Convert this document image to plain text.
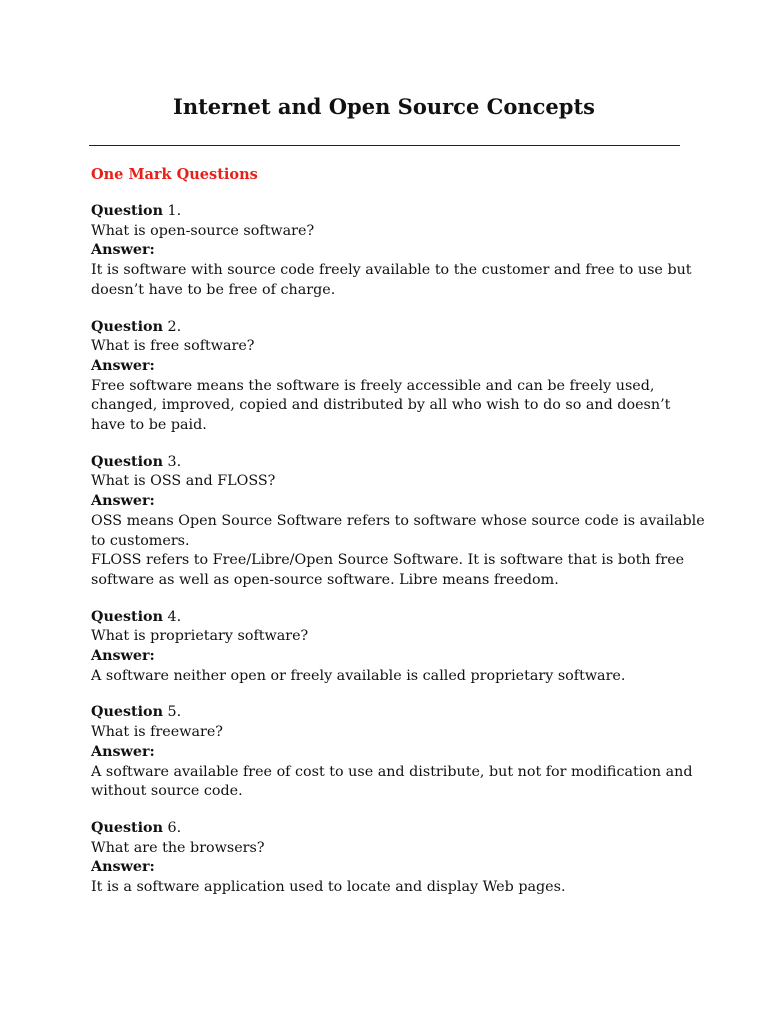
Internet and Open Source Concepts
One Mark Questions
Question 1.
What is open-source software?
Answer:
It is software with source code freely available to the customer and free to use but
doesn’t have to be free of charge.
Question 2.
What is free software?
Answer:
Free software means the software is freely accessible and can be freely used,
changed, improved, copied and distributed by all who wish to do so and doesn’t
have to be paid.
Question 3.
What is OSS and FLOSS?
Answer:
OSS means Open Source Software refers to software whose source code is available
to customers.
FLOSS refers to Free/Libre/Open Source Software. It is software that is both free
software as well as open-source software. Libre means freedom.
Question 4.
What is proprietary software?
Answer:
A software neither open or freely available is called proprietary software.
Question 5.
What is freeware?
Answer:
A software available free of cost to use and distribute, but not for modification and
without source code.
Question 6.
What are the browsers?
Answer:
It is a software application used to locate and display Web pages.
